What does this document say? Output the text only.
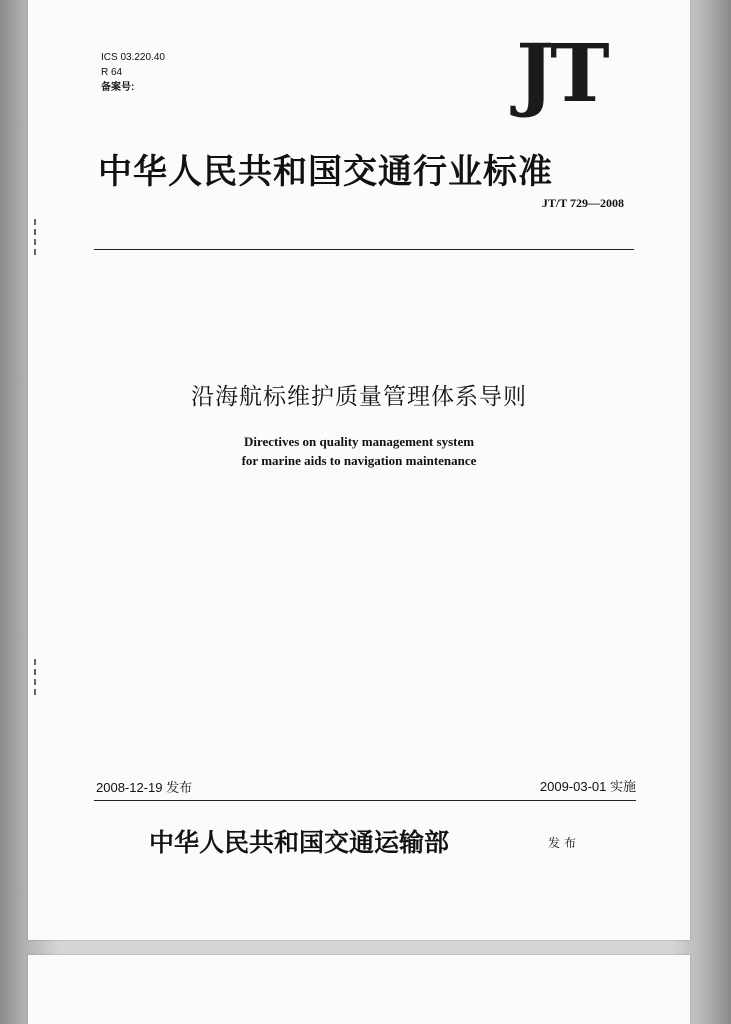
ICS 03.220.40
R 64
备案号:	JT
中华人民共和国交通行业标准
JT/T 729—2008
沿海航标维护质量管理体系导则
Directives on quality management system
for marine aids to navigation maintenance
2008-12-19 发布	2009-03-01 实施
中华人民共和国交通运输部	发布
